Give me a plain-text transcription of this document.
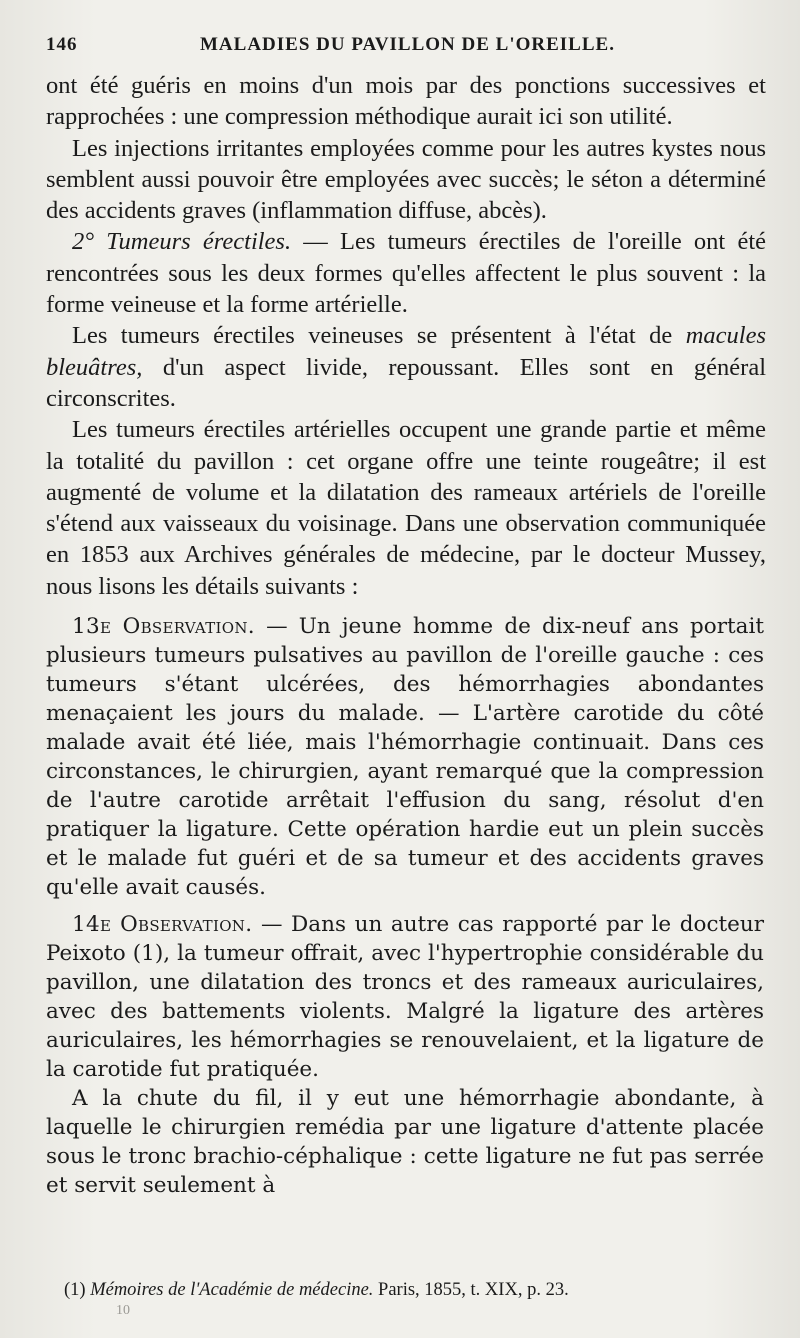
146	MALADIES DU PAVILLON DE L'OREILLE.

ont été guéris en moins d'un mois par des ponctions successives et rapprochées : une compression méthodique aurait ici son utilité.

Les injections irritantes employées comme pour les autres kystes nous semblent aussi pouvoir être employées avec succès; le séton a déterminé des accidents graves (inflammation diffuse, abcès).

2° Tumeurs érectiles. — Les tumeurs érectiles de l'oreille ont été rencontrées sous les deux formes qu'elles affectent le plus souvent : la forme veineuse et la forme artérielle.

Les tumeurs érectiles veineuses se présentent à l'état de macules bleuâtres, d'un aspect livide, repoussant. Elles sont en général circonscrites.

Les tumeurs érectiles artérielles occupent une grande partie et même la totalité du pavillon : cet organe offre une teinte rougeâtre; il est augmenté de volume et la dilatation des rameaux artériels de l'oreille s'étend aux vaisseaux du voisinage. Dans une observation communiquée en 1853 aux Archives générales de médecine, par le docteur Mussey, nous lisons les détails suivants :

13e Observation. — Un jeune homme de dix-neuf ans portait plusieurs tumeurs pulsatives au pavillon de l'oreille gauche : ces tumeurs s'étant ulcérées, des hémorrhagies abondantes menaçaient les jours du malade. — L'artère carotide du côté malade avait été liée, mais l'hémorrhagie continuait. Dans ces circonstances, le chirurgien, ayant remarqué que la compression de l'autre carotide arrêtait l'effusion du sang, résolut d'en pratiquer la ligature. Cette opération hardie eut un plein succès et le malade fut guéri et de sa tumeur et des accidents graves qu'elle avait causés.

14e Observation. — Dans un autre cas rapporté par le docteur Peixoto (1), la tumeur offrait, avec l'hypertrophie considérable du pavillon, une dilatation des troncs et des rameaux auriculaires, avec des battements violents. Malgré la ligature des artères auriculaires, les hémorrhagies se renouvelaient, et la ligature de la carotide fut pratiquée.

A la chute du fil, il y eut une hémorrhagie abondante, à laquelle le chirurgien remédia par une ligature d'attente placée sous le tronc brachio-céphalique : cette ligature ne fut pas serrée et servit seulement à

(1) Mémoires de l'Académie de médecine. Paris, 1855, t. XIX, p. 23.
10
